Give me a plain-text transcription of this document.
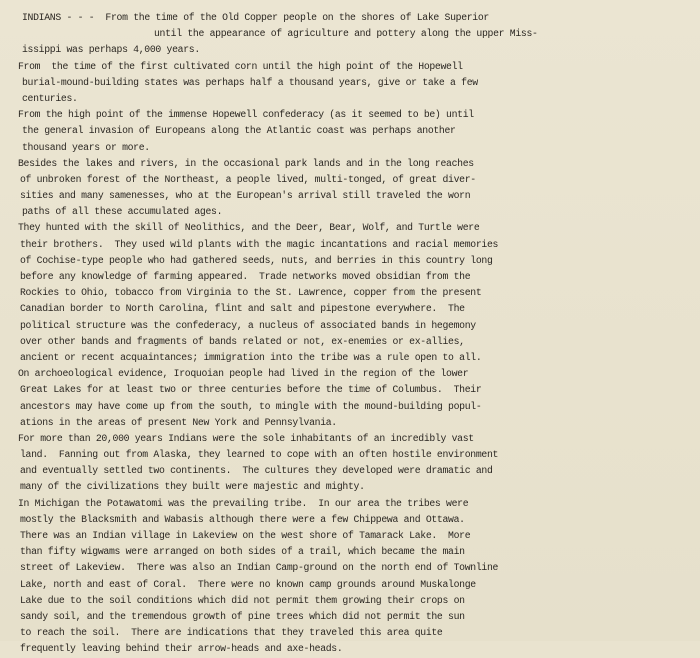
INDIANS - - - From the time of the Old Copper people on the shores of Lake Superior
until the appearance of agriculture and pottery along the upper Miss-
issippi was perhaps 4,000 years.
From  the time of the first cultivated corn until the high point of the Hopewell
burial-mound-building states was perhaps half a thousand years, give or take a few
centuries.
From the high point of the immense Hopewell confederacy (as it seemed to be) until
the general invasion of Europeans along the Atlantic coast was perhaps another
thousand years or more.
Besides the lakes and rivers, in the occasional park lands and in the long reaches
of unbroken forest of the Northeast, a people lived, multi-tonged, of great diver-
sities and many samenesses, who at the European's arrival still traveled the worn
paths of all these accumulated ages.
They hunted with the skill of Neolithics, and the Deer, Bear, Wolf, and Turtle were
their brothers.  They used wild plants with the magic incantations and racial memories
of Cochise-type people who had gathered seeds, nuts, and berries in this country long
before any knowledge of farming appeared.  Trade networks moved obsidian from the
Rockies to Ohio, tobacco from Virginia to the St. Lawrence, copper from the present
Canadian border to North Carolina, flint and salt and pipestone everywhere.  The
political structure was the confederacy, a nucleus of associated bands in hegemony
over other bands and fragments of bands related or not, ex-enemies or ex-allies,
ancient or recent acquaintances; immigration into the tribe was a rule open to all.
On archoeological evidence, Iroquoian people had lived in the region of the lower
Great Lakes for at least two or three centuries before the time of Columbus.  Their
ancestors may have come up from the south, to mingle with the mound-building popul-
ations in the areas of present New York and Pennsylvania.
For more than 20,000 years Indians were the sole inhabitants of an incredibly vast
land.  Fanning out from Alaska, they learned to cope with an often hostile environment
and eventually settled two continents.  The cultures they developed were dramatic and
many of the civilizations they built were majestic and mighty.
In Michigan the Potawatomi was the prevailing tribe.  In our area the tribes were
mostly the Blacksmith and Wabasis although there were a few Chippewa and Ottawa.
There was an Indian village in Lakeview on the west shore of Tamarack Lake.  More
than fifty wigwams were arranged on both sides of a trail, which became the main
street of Lakeview.  There was also an Indian Camp-ground on the north end of Townline
Lake, north and east of Coral.  There were no known camp grounds around Muskalonge
Lake due to the soil conditions which did not permit them growing their crops on
sandy soil, and the tremendous growth of pine trees which did not permit the sun
to reach the soil.  There are indications that they traveled this area quite
frequently leaving behind their arrow-heads and axe-heads.
